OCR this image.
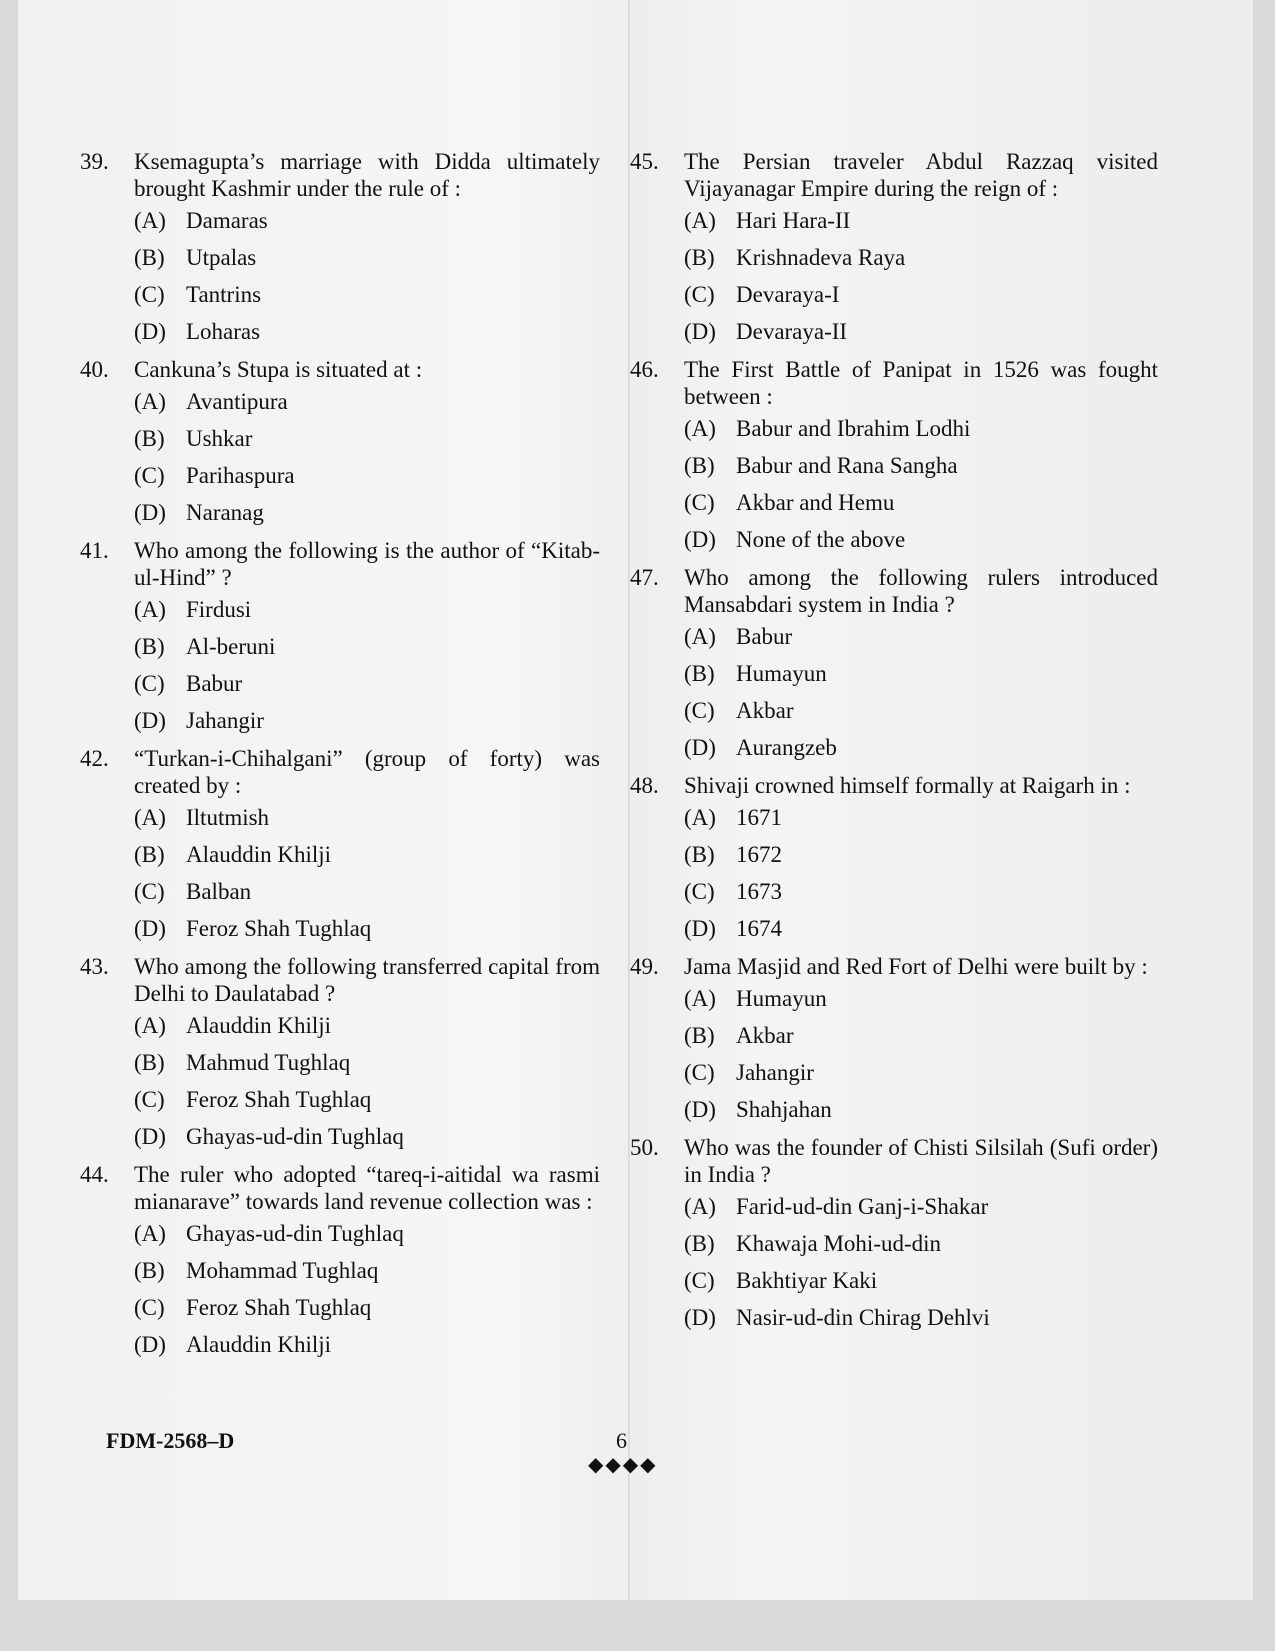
39.	Ksemagupta’s marriage with Didda ultimately brought Kashmir under the rule of :
(A) Damaras
(B) Utpalas
(C) Tantrins
(D) Loharas
40.	Cankuna’s Stupa is situated at :
(A) Avantipura
(B) Ushkar
(C) Parihaspura
(D) Naranag
41.	Who among the following is the author of “Kitab-ul-Hind” ?
(A) Firdusi
(B) Al-beruni
(C) Babur
(D) Jahangir
42.	“Turkan-i-Chihalgani” (group of forty) was created by :
(A) Iltutmish
(B) Alauddin Khilji
(C) Balban
(D) Feroz Shah Tughlaq
43.	Who among the following transferred capital from Delhi to Daulatabad ?
(A) Alauddin Khilji
(B) Mahmud Tughlaq
(C) Feroz Shah Tughlaq
(D) Ghayas-ud-din Tughlaq
44.	The ruler who adopted “tareq-i-aitidal wa rasmi mianarave” towards land revenue collection was :
(A) Ghayas-ud-din Tughlaq
(B) Mohammad Tughlaq
(C) Feroz Shah Tughlaq
(D) Alauddin Khilji
45.	The Persian traveler Abdul Razzaq visited Vijayanagar Empire during the reign of :
(A) Hari Hara-II
(B) Krishnadeva Raya
(C) Devaraya-I
(D) Devaraya-II
46.	The First Battle of Panipat in 1526 was fought between :
(A) Babur and Ibrahim Lodhi
(B) Babur and Rana Sangha
(C) Akbar and Hemu
(D) None of the above
47.	Who among the following rulers introduced Mansabdari system in India ?
(A) Babur
(B) Humayun
(C) Akbar
(D) Aurangzeb
48.	Shivaji crowned himself formally at Raigarh in :
(A) 1671
(B) 1672
(C) 1673
(D) 1674
49.	Jama Masjid and Red Fort of Delhi were built by :
(A) Humayun
(B) Akbar
(C) Jahangir
(D) Shahjahan
50.	Who was the founder of Chisti Silsilah (Sufi order) in India ?
(A) Farid-ud-din Ganj-i-Shakar
(B) Khawaja Mohi-ud-din
(C) Bakhtiyar Kaki
(D) Nasir-ud-din Chirag Dehlvi
FDM-2568–D	6
◆◆◆◆
